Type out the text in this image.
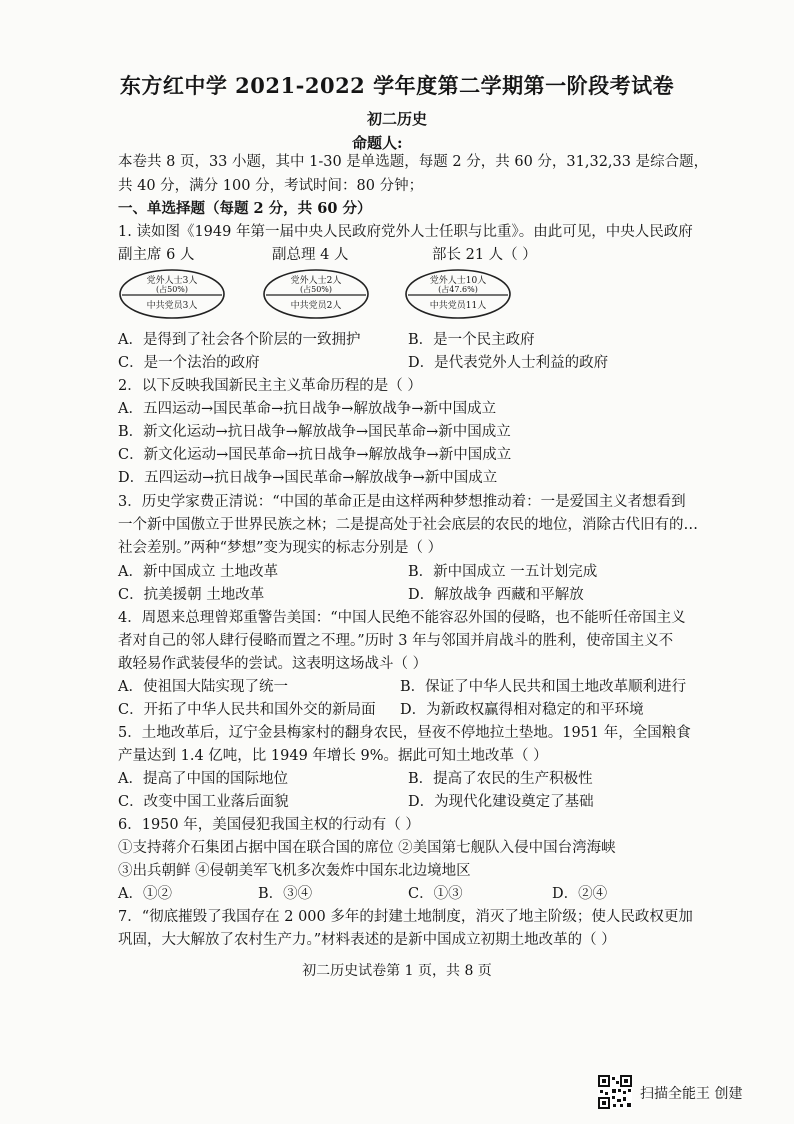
东方红中学 2021-2022 学年度第二学期第一阶段考试卷
初二历史
命题人:
本卷共 8 页，33 小题，其中 1-30 是单选题，每题 2 分，共 60 分，31,32,33 是综合题，
共 40 分，满分 100 分，考试时间：80 分钟；
一、单选择题（每题 2 分，共 60 分）
1. 读如图《1949 年第一届中央人民政府党外人士任职与比重》。由此可见，中央人民政府
副主席 6 人	副总理 4 人	部长 21 人（ ）
党外人士3人
(占50%)
中共党员3人
党外人士2人
(占50%)
中共党员2人
党外人士10人
(占47.6%)
中共党员11人
A．是得到了社会各个阶层的一致拥护	B．是一个民主政府
C．是一个法治的政府	D．是代表党外人士利益的政府
2．以下反映我国新民主主义革命历程的是（ ）
A．五四运动→国民革命→抗日战争→解放战争→新中国成立
B．新文化运动→抗日战争→解放战争→国民革命→新中国成立
C．新文化运动→国民革命→抗日战争→解放战争→新中国成立
D．五四运动→抗日战争→国民革命→解放战争→新中国成立
3．历史学家费正清说：“中国的革命正是由这样两种梦想推动着：一是爱国主义者想看到
一个新中国傲立于世界民族之林；二是提高处于社会底层的农民的地位，消除古代旧有的…
社会差别。”两种“梦想”变为现实的标志分别是（ ）
A．新中国成立 土地改革	B．新中国成立 一五计划完成
C．抗美援朝 土地改革	D．解放战争 西藏和平解放
4．周恩来总理曾郑重警告美国：“中国人民绝不能容忍外国的侵略，也不能听任帝国主义
者对自己的邻人肆行侵略而置之不理。”历时 3 年与邻国并肩战斗的胜利，使帝国主义不
敢轻易作武装侵华的尝试。这表明这场战斗（ ）
A．使祖国大陆实现了统一	B．保证了中华人民共和国土地改革顺利进行
C．开拓了中华人民共和国外交的新局面 D．为新政权赢得相对稳定的和平环境
5．土地改革后，辽宁金县梅家村的翻身农民，昼夜不停地拉土垫地。1951 年，全国粮食
产量达到 1.4 亿吨，比 1949 年增长 9%。据此可知土地改革（ ）
A．提高了中国的国际地位	B．提高了农民的生产积极性
C．改变中国工业落后面貌	D．为现代化建设奠定了基础
6．1950 年，美国侵犯我国主权的行动有（ ）
①支持蒋介石集团占据中国在联合国的席位 ②美国第七舰队入侵中国台湾海峡
③出兵朝鲜 ④侵朝美军飞机多次轰炸中国东北边境地区
A．①②	B．③④	C．①③	D．②④
7．“彻底摧毁了我国存在 2 000 多年的封建土地制度，消灭了地主阶级；使人民政权更加
巩固，大大解放了农村生产力。”材料表述的是新中国成立初期土地改革的（ ）
初二历史试卷第 1 页，共 8 页
扫描全能王 创建
